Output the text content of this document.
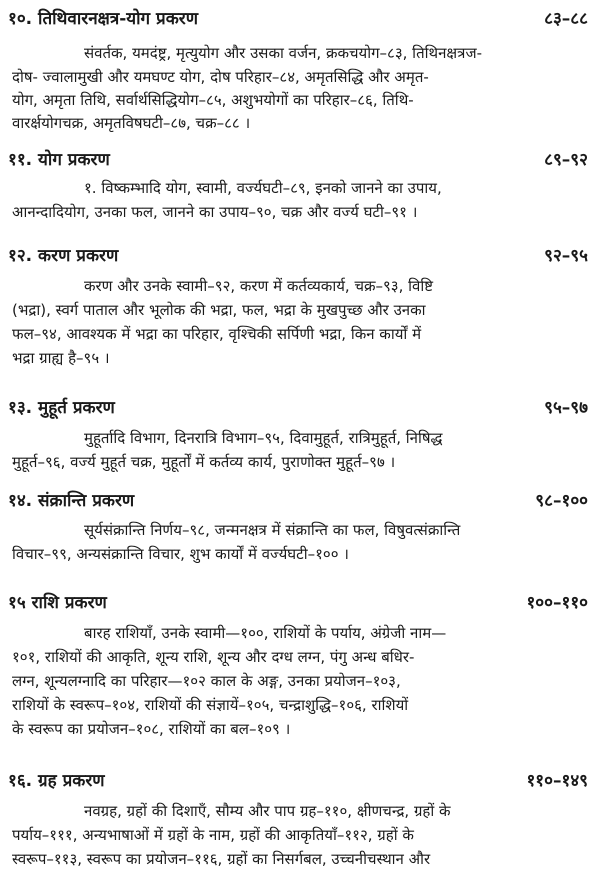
१०. तिथिवारनक्षत्र-योग प्रकरण	८३–८८
संवर्तक, यमदंष्ट्र, मृत्युयोग और उसका वर्जन, क्रकचयोग–८३, तिथिनक्षत्रज-
दोष- ज्वालामुखी और यमघण्ट योग, दोष परिहार–८४, अमृतसिद्धि और अमृत-
योग, अमृता तिथि, सर्वार्थसिद्धियोग–८५, अशुभयोगों का परिहार–८६, तिथि-
वारर्क्षयोगचक्र, अमृतविषघटी–८७, चक्र–८८ ।
११. योग प्रकरण	८९–९२
१. विष्कम्भादि योग, स्वामी, वर्ज्यघटी–८९, इनको जानने का उपाय,
आनन्दादियोग, उनका फल, जानने का उपाय–९०, चक्र और वर्ज्य घटी–९१ ।
१२. करण प्रकरण	९२–९५
करण और उनके स्वामी–९२, करण में कर्तव्यकार्य, चक्र–९३, विष्टि
(भद्रा), स्वर्ग पाताल और भूलोक की भद्रा, फल, भद्रा के मुखपुच्छ और उनका
फल–९४, आवश्यक में भद्रा का परिहार, वृश्चिकी सर्पिणी भद्रा, किन कार्यों में
भद्रा ग्राह्य है–९५ ।
१३. मुहूर्त प्रकरण	९५–९७
मुहूर्तादि विभाग, दिनरात्रि विभाग–९५, दिवामुहूर्त, रात्रिमुहूर्त, निषिद्ध
मुहूर्त–९६, वर्ज्य मुहूर्त चक्र, मुहूर्तों में कर्तव्य कार्य, पुराणोक्त मुहूर्त–९७ ।
१४. संक्रान्ति प्रकरण	९८–१००
सूर्यसंक्रान्ति निर्णय–९८, जन्मनक्षत्र में संक्रान्ति का फल, विषुवत्संक्रान्ति
विचार–९९, अन्यसंक्रान्ति विचार, शुभ कार्यों में वर्ज्यघटी–१०० ।
१५ राशि प्रकरण	१००–११०
बारह राशियाँ, उनके स्वामी—१००, राशियों के पर्याय, अंग्रेजी नाम—
१०१, राशियों की आकृति, शून्य राशि, शून्य और दग्ध लग्न, पंगु अन्ध बधिर-
लग्न, शून्यलग्नादि का परिहार—१०२ काल के अङ्ग, उनका प्रयोजन–१०३,
राशियों के स्वरूप–१०४, राशियों की संज्ञायें–१०५, चन्द्राशुद्धि–१०६, राशियों
के स्वरूप का प्रयोजन–१०८, राशियों का बल–१०९ ।
१६. ग्रह प्रकरण	११०–१४९
नवग्रह, ग्रहों की दिशाएँ, सौम्य और पाप ग्रह–११०, क्षीणचन्द्र, ग्रहों के
पर्याय–१११, अन्यभाषाओं में ग्रहों के नाम, ग्रहों की आकृतियाँ–११२, ग्रहों के
स्वरूप–११३, स्वरूप का प्रयोजन–११६, ग्रहों का निसर्गबल, उच्चनीचस्थान और
